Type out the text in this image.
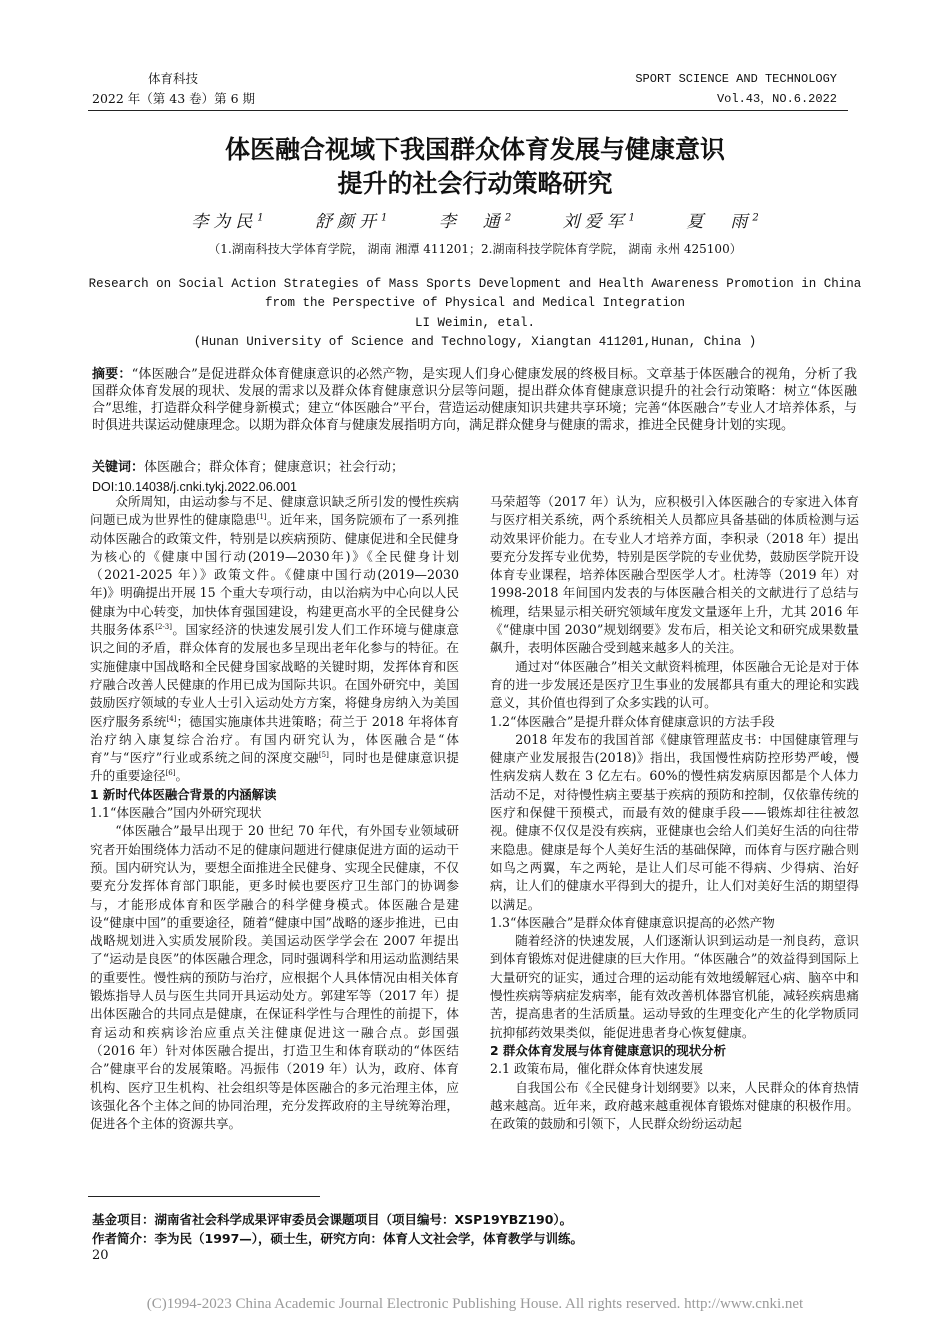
体育科技
2022 年（第 43 卷）第 6 期
SPORT SCIENCE AND TECHNOLOGY
Vol.43，NO.6.2022
体医融合视域下我国群众体育发展与健康意识
提升的社会行动策略研究
李为民$^1$	舒颜开$^1$	李　通$^2$	刘爱军$^1$	夏　雨$^2$
（1.湖南科技大学体育学院， 湖南 湘潭 411201；2.湖南科技学院体育学院， 湖南 永州 425100）
Research on Social Action Strategies of Mass Sports Development and Health Awareness Promotion in China
from the Perspective of Physical and Medical Integration
LI Weimin, etal.
(Hunan University of Science and Technology, Xiangtan 411201,Hunan, China )
摘要：“体医融合”是促进群众体育健康意识的必然产物，是实现人们身心健康发展的终极目标。文章基于体医融合的视角，分析了我国群众体育发展的现状、发展的需求以及群众体育健康意识分层等问题，提出群众体育健康意识提升的社会行动策略：树立“体医融合”思维，打造群众科学健身新模式；建立“体医融合”平台，营造运动健康知识共建共享环境；完善“体医融合”专业人才培养体系，与时俱进共谋运动健康理念。以期为群众体育与健康发展指明方向，满足群众健身与健康的需求，推进全民健身计划的实现。
关键词：体医融合；群众体育；健康意识；社会行动；
DOI:10.14038/j.cnki.tykj.2022.06.001

众所周知，由运动参与不足、健康意识缺乏所引发的慢性疾病问题已成为世界性的健康隐患[1]。近年来，国务院颁布了一系列推动体医融合的政策文件，特别是以疾病预防、健康促进和全民健身为核心的《健康中国行动(2019—2030年)》《全民健身计划（2021-2025 年）》政策文件。《健康中国行动(2019—2030 年)》明确提出开展 15 个重大专项行动，由以治病为中心向以人民健康为中心转变，加快体育强国建设，构建更高水平的全民健身公共服务体系[2-3]。国家经济的快速发展引发人们工作环境与健康意识之间的矛盾，群众体育的发展也多呈现出老年化参与的特征。在实施健康中国战略和全民健身国家战略的关键时期，发挥体育和医疗融合改善人民健康的作用已成为国际共识。在国外研究中，美国鼓励医疗领域的专业人士引入运动处方方案，将健身房纳入为美国医疗服务系统[4]；德国实施康体共进策略；荷兰于 2018 年将体育治疗纳入康复综合治疗。有国内研究认为，体医融合是“体育”与“医疗”行业或系统之间的深度交融[5]，同时也是健康意识提升的重要途径[6]。

1 新时代体医融合背景的内涵解读

1.1“体医融合”国内外研究现状

“体医融合”最早出现于 20 世纪 70 年代，有外国专业领域研究者开始围绕体力活动不足的健康问题进行健康促进方面的运动干预。国内研究认为，要想全面推进全民健身、实现全民健康，不仅要充分发挥体育部门职能，更多时候也要医疗卫生部门的协调参与，才能形成体育和医学融合的科学健身模式。体医融合是建设“健康中国”的重要途径，随着“健康中国”战略的逐步推进，已由战略规划进入实质发展阶段。美国运动医学学会在 2007 年提出了“运动是良医”的体医融合理念，同时强调科学和用运动监测结果的重要性。慢性病的预防与治疗，应根据个人具体情况由相关体育锻炼指导人员与医生共同开具运动处方。郭建军等（2017 年）提出体医融合的共同点是健康，在保证科学性与合理性的前提下，体育运动和疾病诊治应重点关注健康促进这一融合点。彭国强（2016 年）针对体医融合提出，打造卫生和体育联动的“体医结合”健康平台的发展策略。冯振伟（2019 年）认为，政府、体育机构、医疗卫生机构、社会组织等是体医融合的多元治理主体，应该强化各个主体之间的协同治理，充分发挥政府的主导统筹治理，促进各个主体的资源共享。

马荣超等（2017 年）认为，应积极引入体医融合的专家进入体育与医疗相关系统，两个系统相关人员都应具备基础的体质检测与运动效果评价能力。在专业人才培养方面，李积录（2018 年）提出要充分发挥专业优势，特别是医学院的专业优势，鼓励医学院开设体育专业课程，培养体医融合型医学人才。杜涛等（2019 年）对 1998-2018 年间国内发表的与体医融合相关的文献进行了总结与梳理，结果显示相关研究领域年度发文量逐年上升，尤其 2016 年《“健康中国 2030”规划纲要》发布后，相关论文和研究成果数量飙升，表明体医融合受到越来越多人的关注。

通过对“体医融合”相关文献资料梳理，体医融合无论是对于体育的进一步发展还是医疗卫生事业的发展都具有重大的理论和实践意义，其价值也得到了众多实践的认可。

1.2“体医融合”是提升群众体育健康意识的方法手段

2018 年发布的我国首部《健康管理蓝皮书：中国健康管理与健康产业发展报告(2018)》指出，我国慢性病防控形势严峻，慢性病发病人数在 3 亿左右。60%的慢性病发病原因都是个人体力活动不足，对待慢性病主要基于疾病的预防和控制，仅依靠传统的医疗和保健干预模式，而最有效的健康手段——锻炼却往往被忽视。健康不仅仅是没有疾病，亚健康也会给人们美好生活的向往带来隐患。健康是每个人美好生活的基础保障，而体育与医疗融合则如鸟之两翼，车之两轮，是让人们尽可能不得病、少得病、治好病，让人们的健康水平得到大的提升，让人们对美好生活的期望得以满足。

1.3“体医融合”是群众体育健康意识提高的必然产物

随着经济的快速发展，人们逐渐认识到运动是一剂良药，意识到体育锻炼对促进健康的巨大作用。“体医融合”的效益得到国际上大量研究的证实，通过合理的运动能有效地缓解冠心病、脑卒中和慢性疾病等病症发病率，能有效改善机体器官机能，减轻疾病患痛苦，提高患者的生活质量。运动导致的生理变化产生的化学物质同抗抑郁药效果类似，能促进患者身心恢复健康。

2 群众体育发展与体育健康意识的现状分析

2.1 政策布局，催化群众体育快速发展

自我国公布《全民健身计划纲要》以来，人民群众的体育热情越来越高。近年来，政府越来越重视体育锻炼对健康的积极作用。在政策的鼓励和引领下，人民群众纷纷运动起

基金项目：湖南省社会科学成果评审委员会课题项目（项目编号：XSP19YBZ190）。
作者简介：李为民（1997—），硕士生，研究方向：体育人文社会学，体育教学与训练。
20
(C)1994-2023 China Academic Journal Electronic Publishing House. All rights reserved. http://www.cnki.net
